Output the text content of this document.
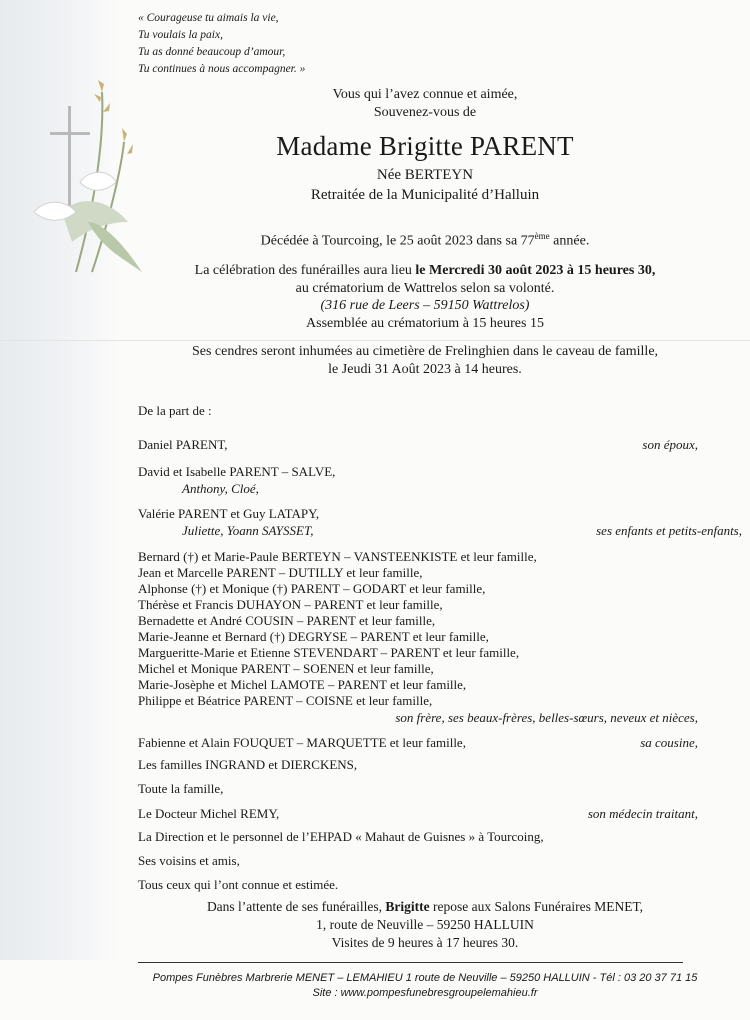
« Courageuse tu aimais la vie,
Tu voulais la paix,
Tu as donné beaucoup d’amour,
Tu continues à nous accompagner. »
Vous qui l’avez connue et aimée,
Souvenez-vous de
Madame Brigitte PARENT
Née BERTEYN
Retraitée de la Municipalité d’Halluin
Décédée à Tourcoing, le 25 août 2023 dans sa 77ème année.
La célébration des funérailles aura lieu le Mercredi 30 août 2023 à 15 heures 30,
au crématorium de Wattrelos selon sa volonté.
(316 rue de Leers – 59150 Wattrelos)
Assemblée au crématorium à 15 heures 15
Ses cendres seront inhumées au cimetière de Frelinghien dans le caveau de famille,
le Jeudi 31 Août 2023 à 14 heures.
De la part de :
Daniel PARENT,	son époux,
David et Isabelle PARENT – SALVE,
Anthony, Cloé,
Valérie PARENT et Guy LATAPY,
Juliette, Yoann SAYSSET,	ses enfants et petits-enfants,
Bernard (†) et Marie-Paule BERTEYN – VANSTEENKISTE et leur famille,
Jean et Marcelle PARENT – DUTILLY et leur famille,
Alphonse (†) et Monique (†) PARENT – GODART et leur famille,
Thérèse et Francis DUHAYON – PARENT et leur famille,
Bernadette et André COUSIN – PARENT et leur famille,
Marie-Jeanne et Bernard (†) DEGRYSE – PARENT et leur famille,
Margueritte-Marie et Etienne STEVENDART – PARENT et leur famille,
Michel et Monique PARENT – SOENEN et leur famille,
Marie-Josèphe et Michel LAMOTE – PARENT et leur famille,
Philippe et Béatrice PARENT – COISNE et leur famille,
son frère, ses beaux-frères, belles-sœurs, neveux et nièces,
Fabienne et Alain FOUQUET – MARQUETTE et leur famille,	sa cousine,
Les familles INGRAND et DIERCKENS,
Toute la famille,
Le Docteur Michel REMY,	son médecin traitant,
La Direction et le personnel de l’EHPAD « Mahaut de Guisnes » à Tourcoing,
Ses voisins et amis,
Tous ceux qui l’ont connue et estimée.
Dans l’attente de ses funérailles, Brigitte repose aux Salons Funéraires MENET,
1, route de Neuville – 59250 HALLUIN
Visites de 9 heures à 17 heures 30.
Pompes Funèbres Marbrerie MENET – LEMAHIEU 1 route de Neuville – 59250 HALLUIN - Tél : 03 20 37 71 15
Site : www.pompesfunebresgroupelemahieu.fr
